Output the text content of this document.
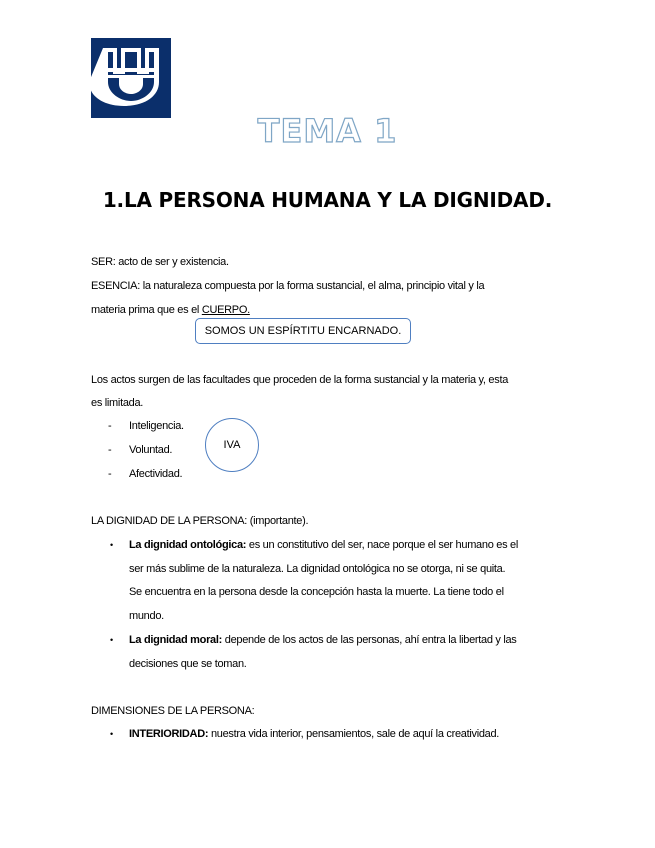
TEMA 1
1.LA PERSONA HUMANA Y LA DIGNIDAD.
SER: acto de ser y existencia.
ESENCIA: la naturaleza compuesta por la forma sustancial, el alma, principio vital y la
materia prima que es el CUERPO.
SOMOS UN ESPÍRTITU ENCARNADO.
Los actos surgen de las facultades que proceden de la forma sustancial y la materia y, esta
es limitada.
- Inteligencia.
- Voluntad.
- Afectividad.
IVA
LA DIGNIDAD DE LA PERSONA: (importante).
• La dignidad ontológica: es un constitutivo del ser, nace porque el ser humano es el
ser más sublime de la naturaleza. La dignidad ontológica no se otorga, ni se quita.
Se encuentra en la persona desde la concepción hasta la muerte. La tiene todo el
mundo.
• La dignidad moral: depende de los actos de las personas, ahí entra la libertad y las
decisiones que se toman.
DIMENSIONES DE LA PERSONA:
• INTERIORIDAD: nuestra vida interior, pensamientos, sale de aquí la creatividad.
